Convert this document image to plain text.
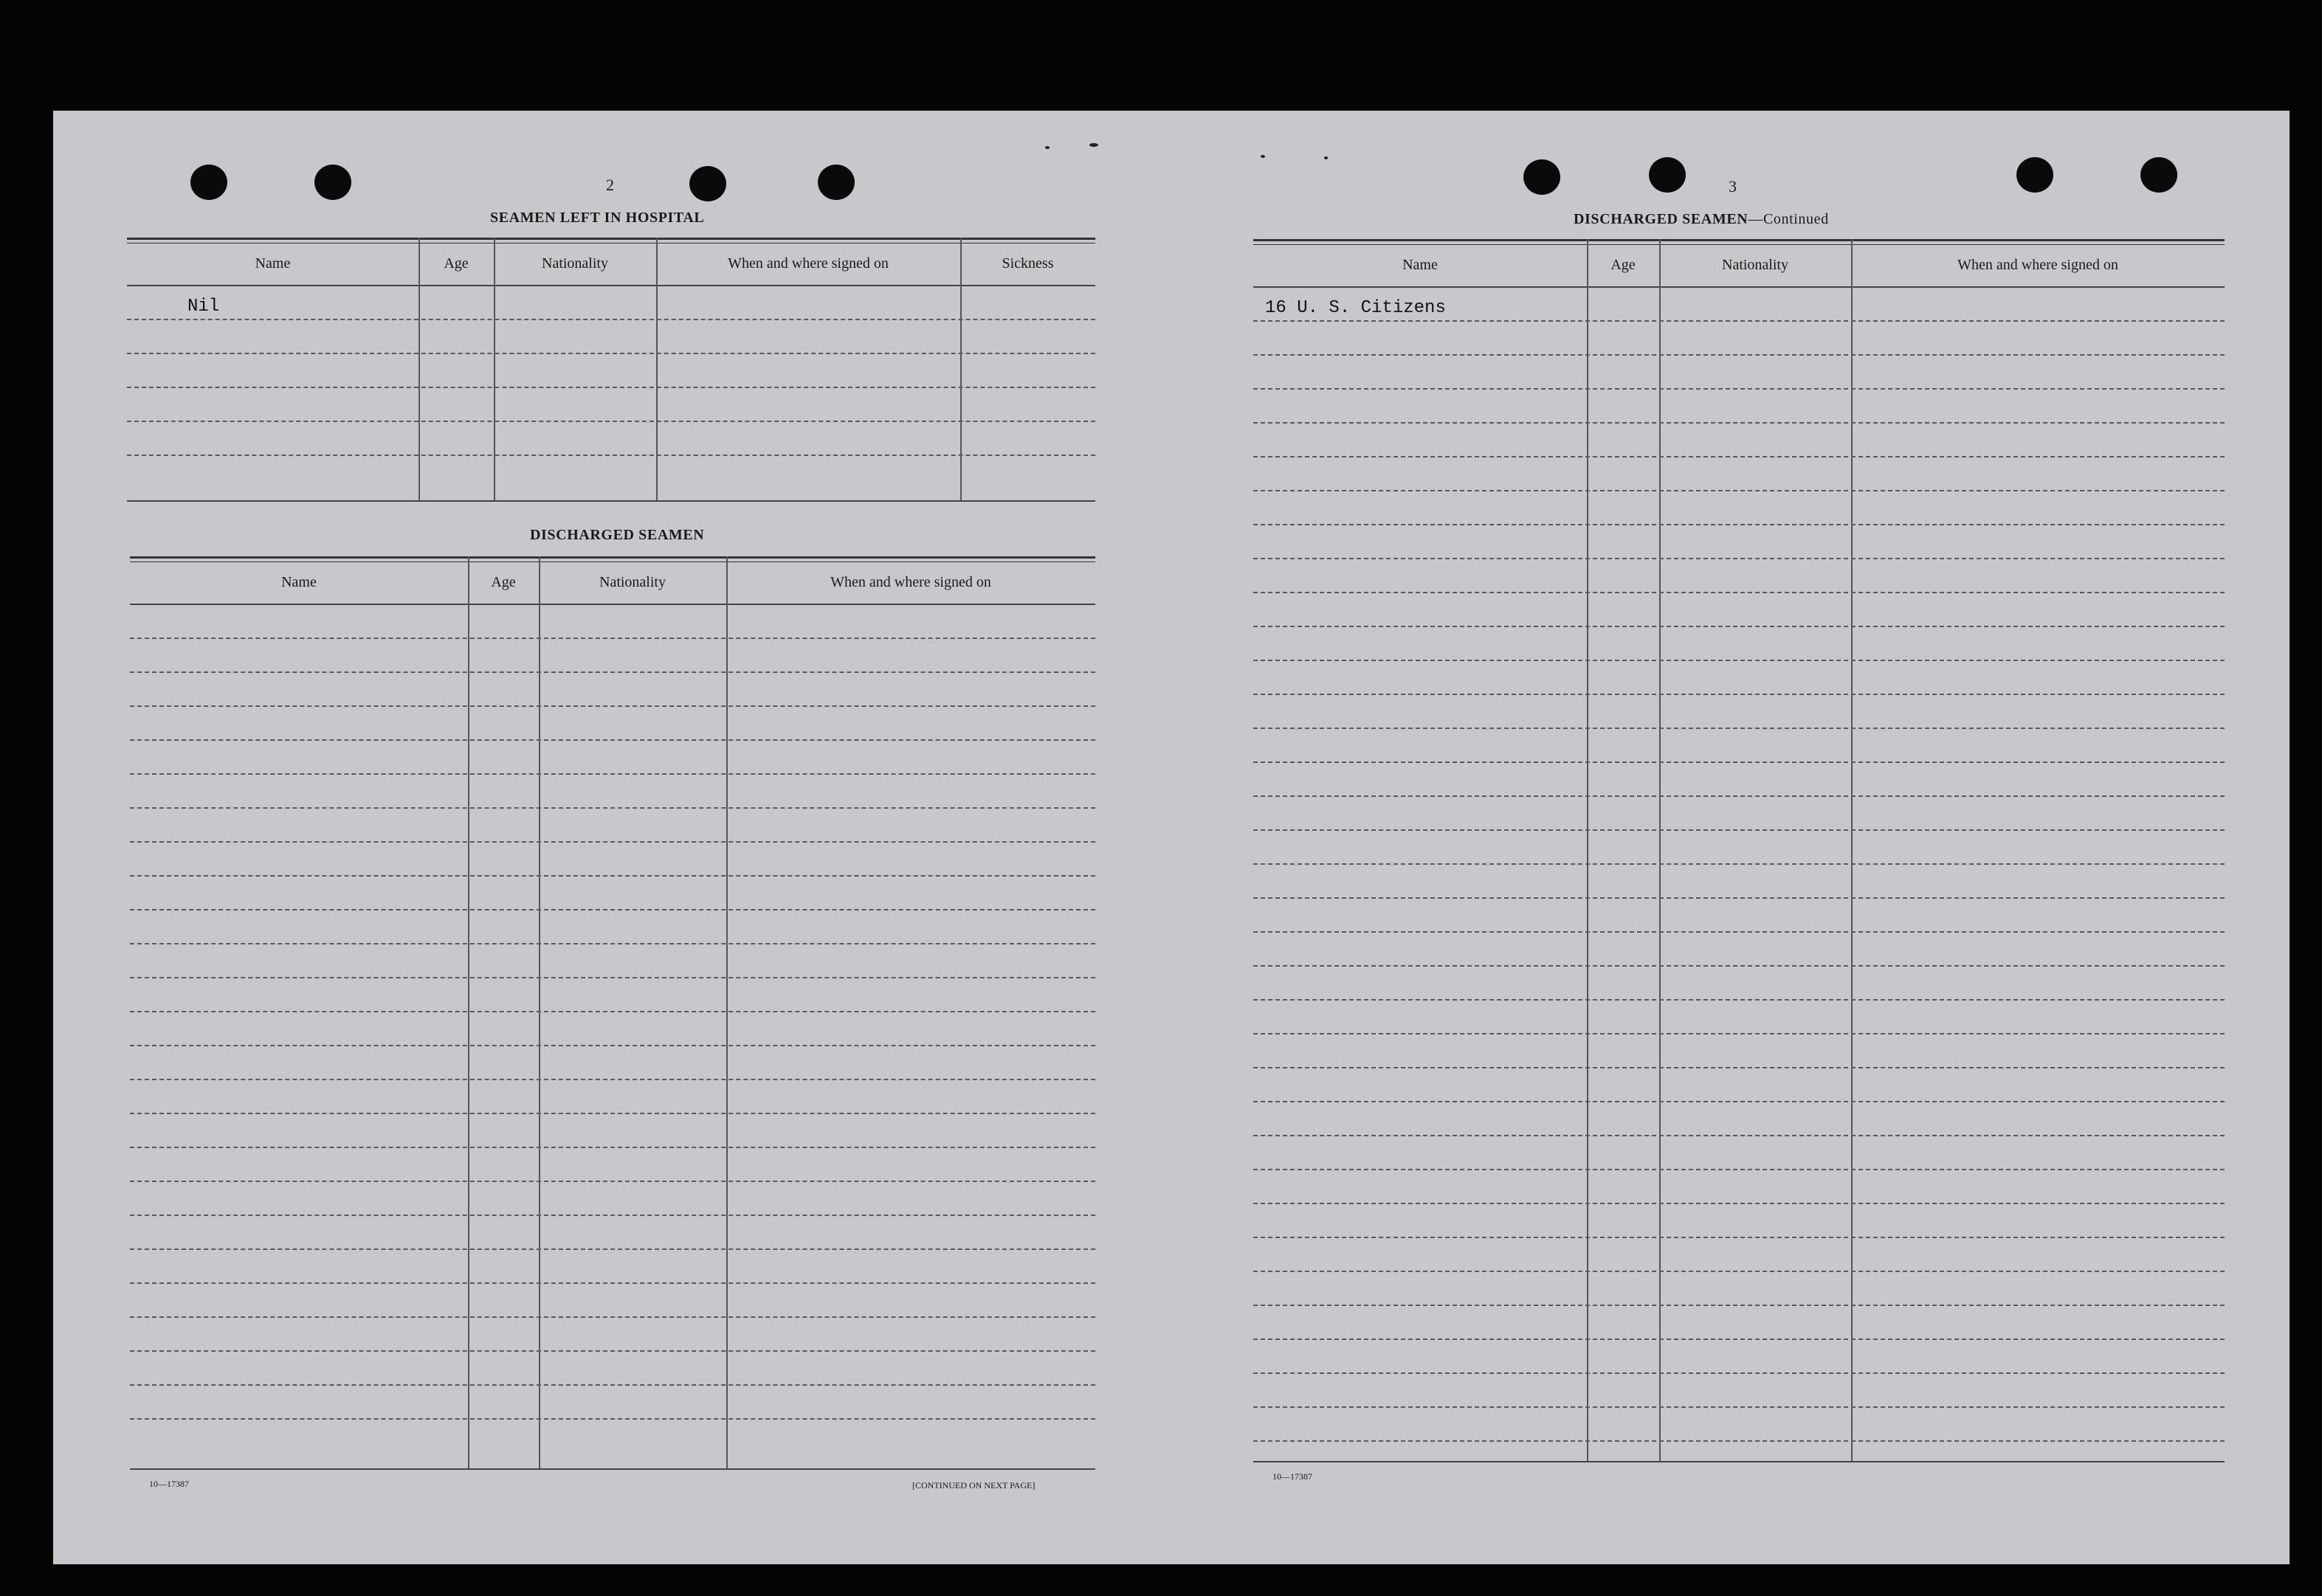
2
SEAMEN LEFT IN HOSPITAL
Name	Age	Nationality	When and where signed on	Sickness
Nil
DISCHARGED SEAMEN
Name	Age	Nationality	When and where signed on
10—17387	[CONTINUED ON NEXT PAGE]
3
DISCHARGED SEAMEN—Continued
Name	Age	Nationality	When and where signed on
16 U. S. Citizens
10—17387
